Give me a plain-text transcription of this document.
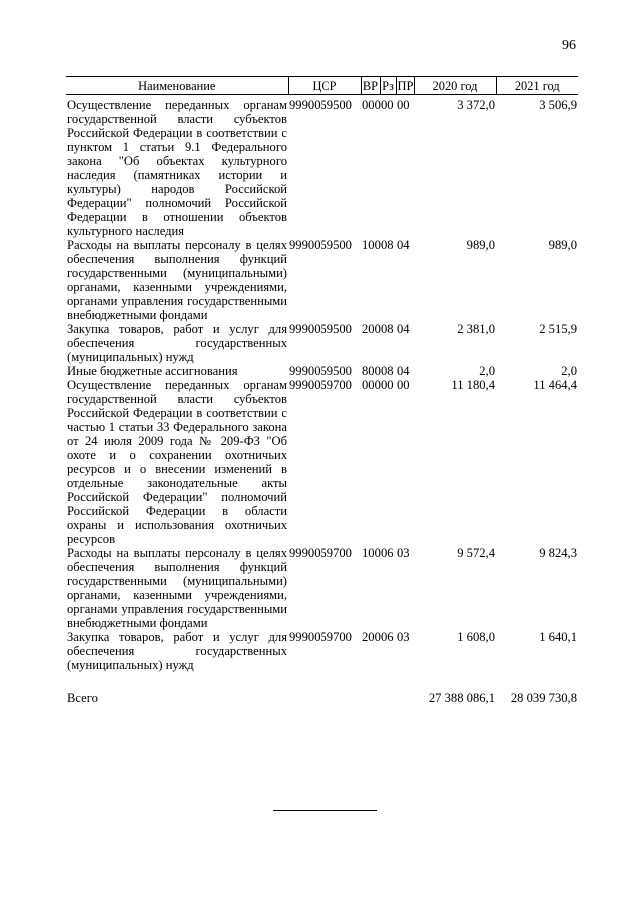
96
Наименование	ЦСР	ВР	Рз	ПР	2020 год	2021 год
Осуществление переданных органам государственной власти субъектов Российской Федерации в соответствии с пунктом 1 статьи 9.1 Федерального закона "Об объектах культурного наследия (памятниках истории и культуры) народов Российской Федерации" полномочий Российской Федерации в отношении объектов культурного наследия	9990059500	000	00	00	3 372,0	3 506,9
Расходы на выплаты персоналу в целях обеспечения выполнения функций государственными (муниципальными) органами, казенными учреждениями, органами управления государственными внебюджетными фондами	9990059500	100	08	04	989,0	989,0
Закупка товаров, работ и услуг для обеспечения государственных (муниципальных) нужд	9990059500	200	08	04	2 381,0	2 515,9
Иные бюджетные ассигнования	9990059500	800	08	04	2,0	2,0
Осуществление переданных органам государственной власти субъектов Российской Федерации в соответствии с частью 1 статьи 33 Федерального закона от 24 июля 2009 года № 209-ФЗ "Об охоте и о сохранении охотничьих ресурсов и о внесении изменений в отдельные законодательные акты Российской Федерации" полномочий Российской Федерации в области охраны и использования охотничьих ресурсов	9990059700	000	00	00	11 180,4	11 464,4
Расходы на выплаты персоналу в целях обеспечения выполнения функций государственными (муниципальными) органами, казенными учреждениями, органами управления государственными внебюджетными фондами	9990059700	100	06	03	9 572,4	9 824,3
Закупка товаров, работ и услуг для обеспечения государственных (муниципальных) нужд	9990059700	200	06	03	1 608,0	1 640,1
Всего					27 388 086,1	28 039 730,8
